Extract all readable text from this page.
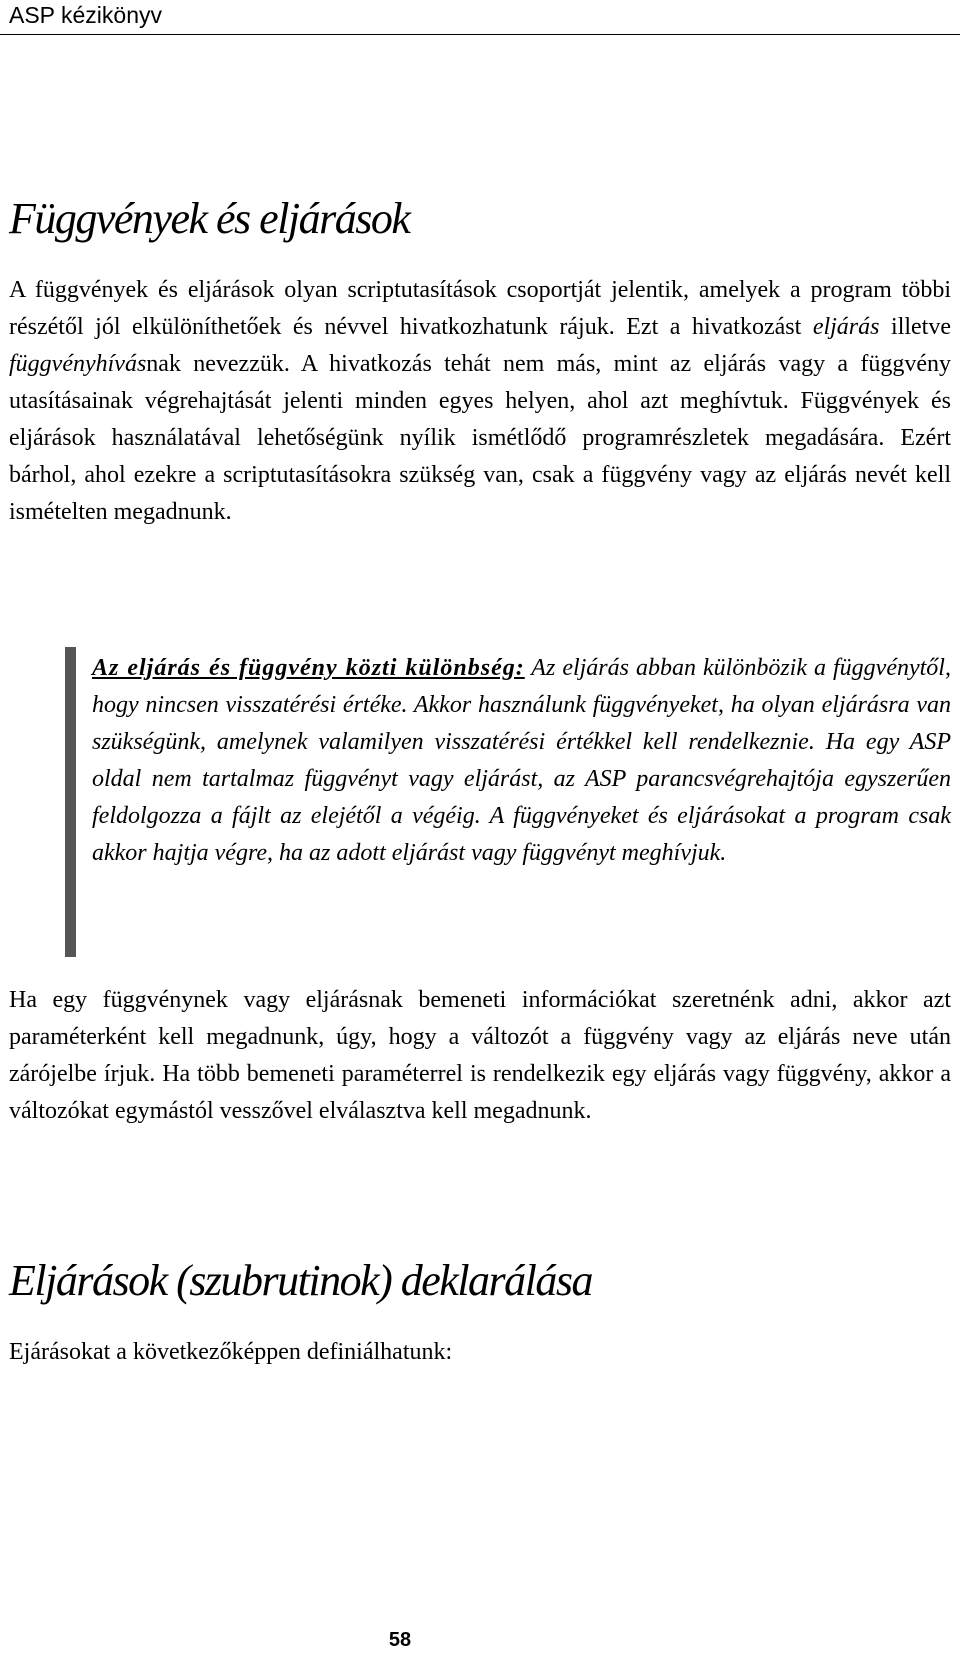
ASP kézikönyv
Függvények és eljárások

A függvények és eljárások olyan scriptutasítások csoportját jelentik, amelyek a program többi részétől jól elkülöníthetőek és névvel hivatkozhatunk rájuk. Ezt a hivatkozást eljárás illetve függvényhívásnak nevezzük. A hivatkozás tehát nem más, mint az eljárás vagy a függvény utasításainak végrehajtását jelenti minden egyes helyen, ahol azt meghívtuk. Függvények és eljárások használatával lehetőségünk nyílik ismétlődő programrészletek megadására. Ezért bárhol, ahol ezekre a scriptutasításokra szükség van, csak a függvény vagy az eljárás nevét kell ismételten megadnunk.

Az eljárás és függvény közti különbség: Az eljárás abban különbözik a függvénytől, hogy nincsen visszatérési értéke. Akkor használunk függvényeket, ha olyan eljárásra van szükségünk, amelynek valamilyen visszatérési értékkel kell rendelkeznie. Ha egy ASP oldal nem tartalmaz függvényt vagy eljárást, az ASP parancsvégrehajtója egyszerűen feldolgozza a fájlt az elejétől a végéig. A függvényeket és eljárásokat a program csak akkor hajtja végre, ha az adott eljárást vagy függvényt meghívjuk.

Ha egy függvénynek vagy eljárásnak bemeneti információkat szeretnénk adni, akkor azt paraméterként kell megadnunk, úgy, hogy a változót a függvény vagy az eljárás neve után zárójelbe írjuk. Ha több bemeneti paraméterrel is rendelkezik egy eljárás vagy függvény, akkor a változókat egymástól vesszővel elválasztva kell megadnunk.

Eljárások (szubrutinok) deklarálása

Ejárásokat a következőképpen definiálhatunk:

58
